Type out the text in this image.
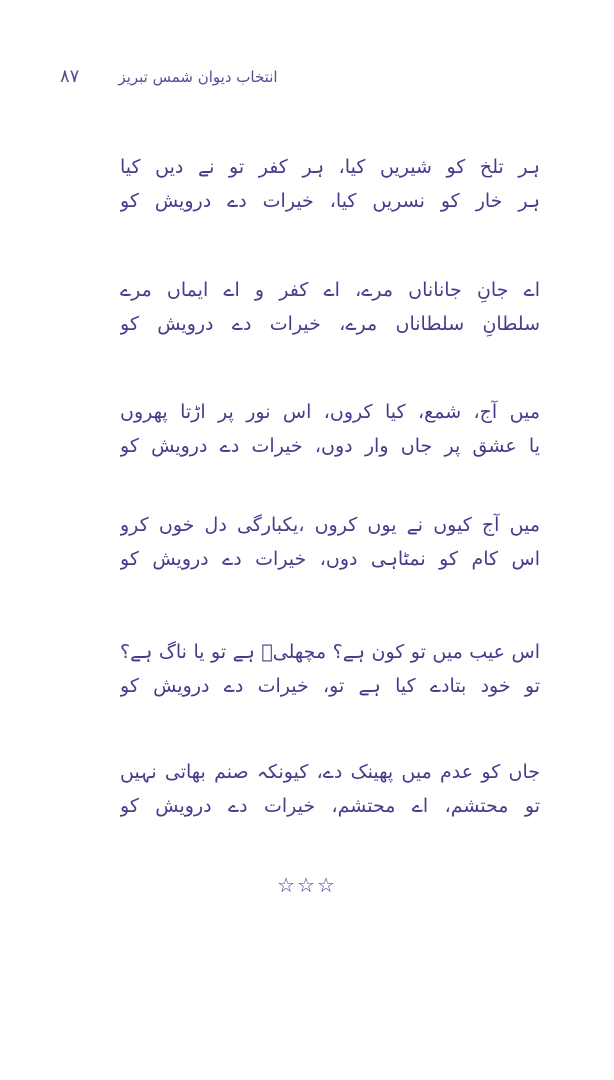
انتخاب دیوان شمس تبریز
۸۷
ہر تلخ کو شیریں کیا، ہر کفر تو نے دیں کیا
ہر خار کو نسریں کیا، خیرات دے درویش کو
اے جانِ جاناناں مرے، اے کفر و اے ایماں مرے
سلطانِ سلطاناں مرے، خیرات دے درویش کو
میں آج، شمع، کیا کروں، اس نور پر اڑتا پھروں
یا عشق پر جاں وار دوں، خیرات دے درویش کو
میں آج کیوں نے یوں کروں ،یکبارگی دل خوں کرو
اس کام کو نمٹاہی دوں، خیرات دے درویش کو
اس عیب میں تو کون ہے؟ مچھلیؔ ہے تو یا ناگ ہے؟
تو خود بتادے کیا ہے تو، خیرات دے درویش کو
جاں کو عدم میں پھینک دے، کیونکہ صنم بھاتی نہیں
تو محتشم، اے محتشم، خیرات دے درویش کو
☆☆☆
